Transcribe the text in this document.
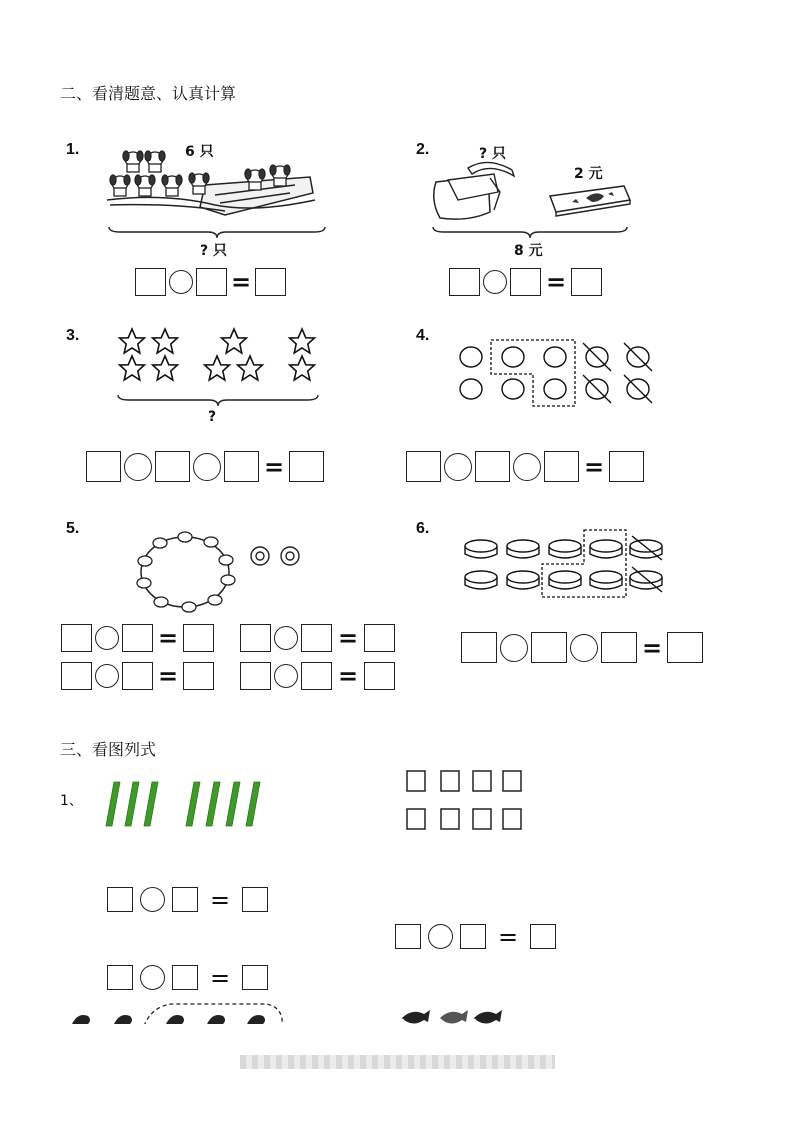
二、看清题意、认真计算
1.	6 只
? 只
=
2.	? 只
2 元
8 元
=
3.
?
=
4.
=
5.
=	=
=	=
6.
=
三、看图列式
1、
=
=
=
